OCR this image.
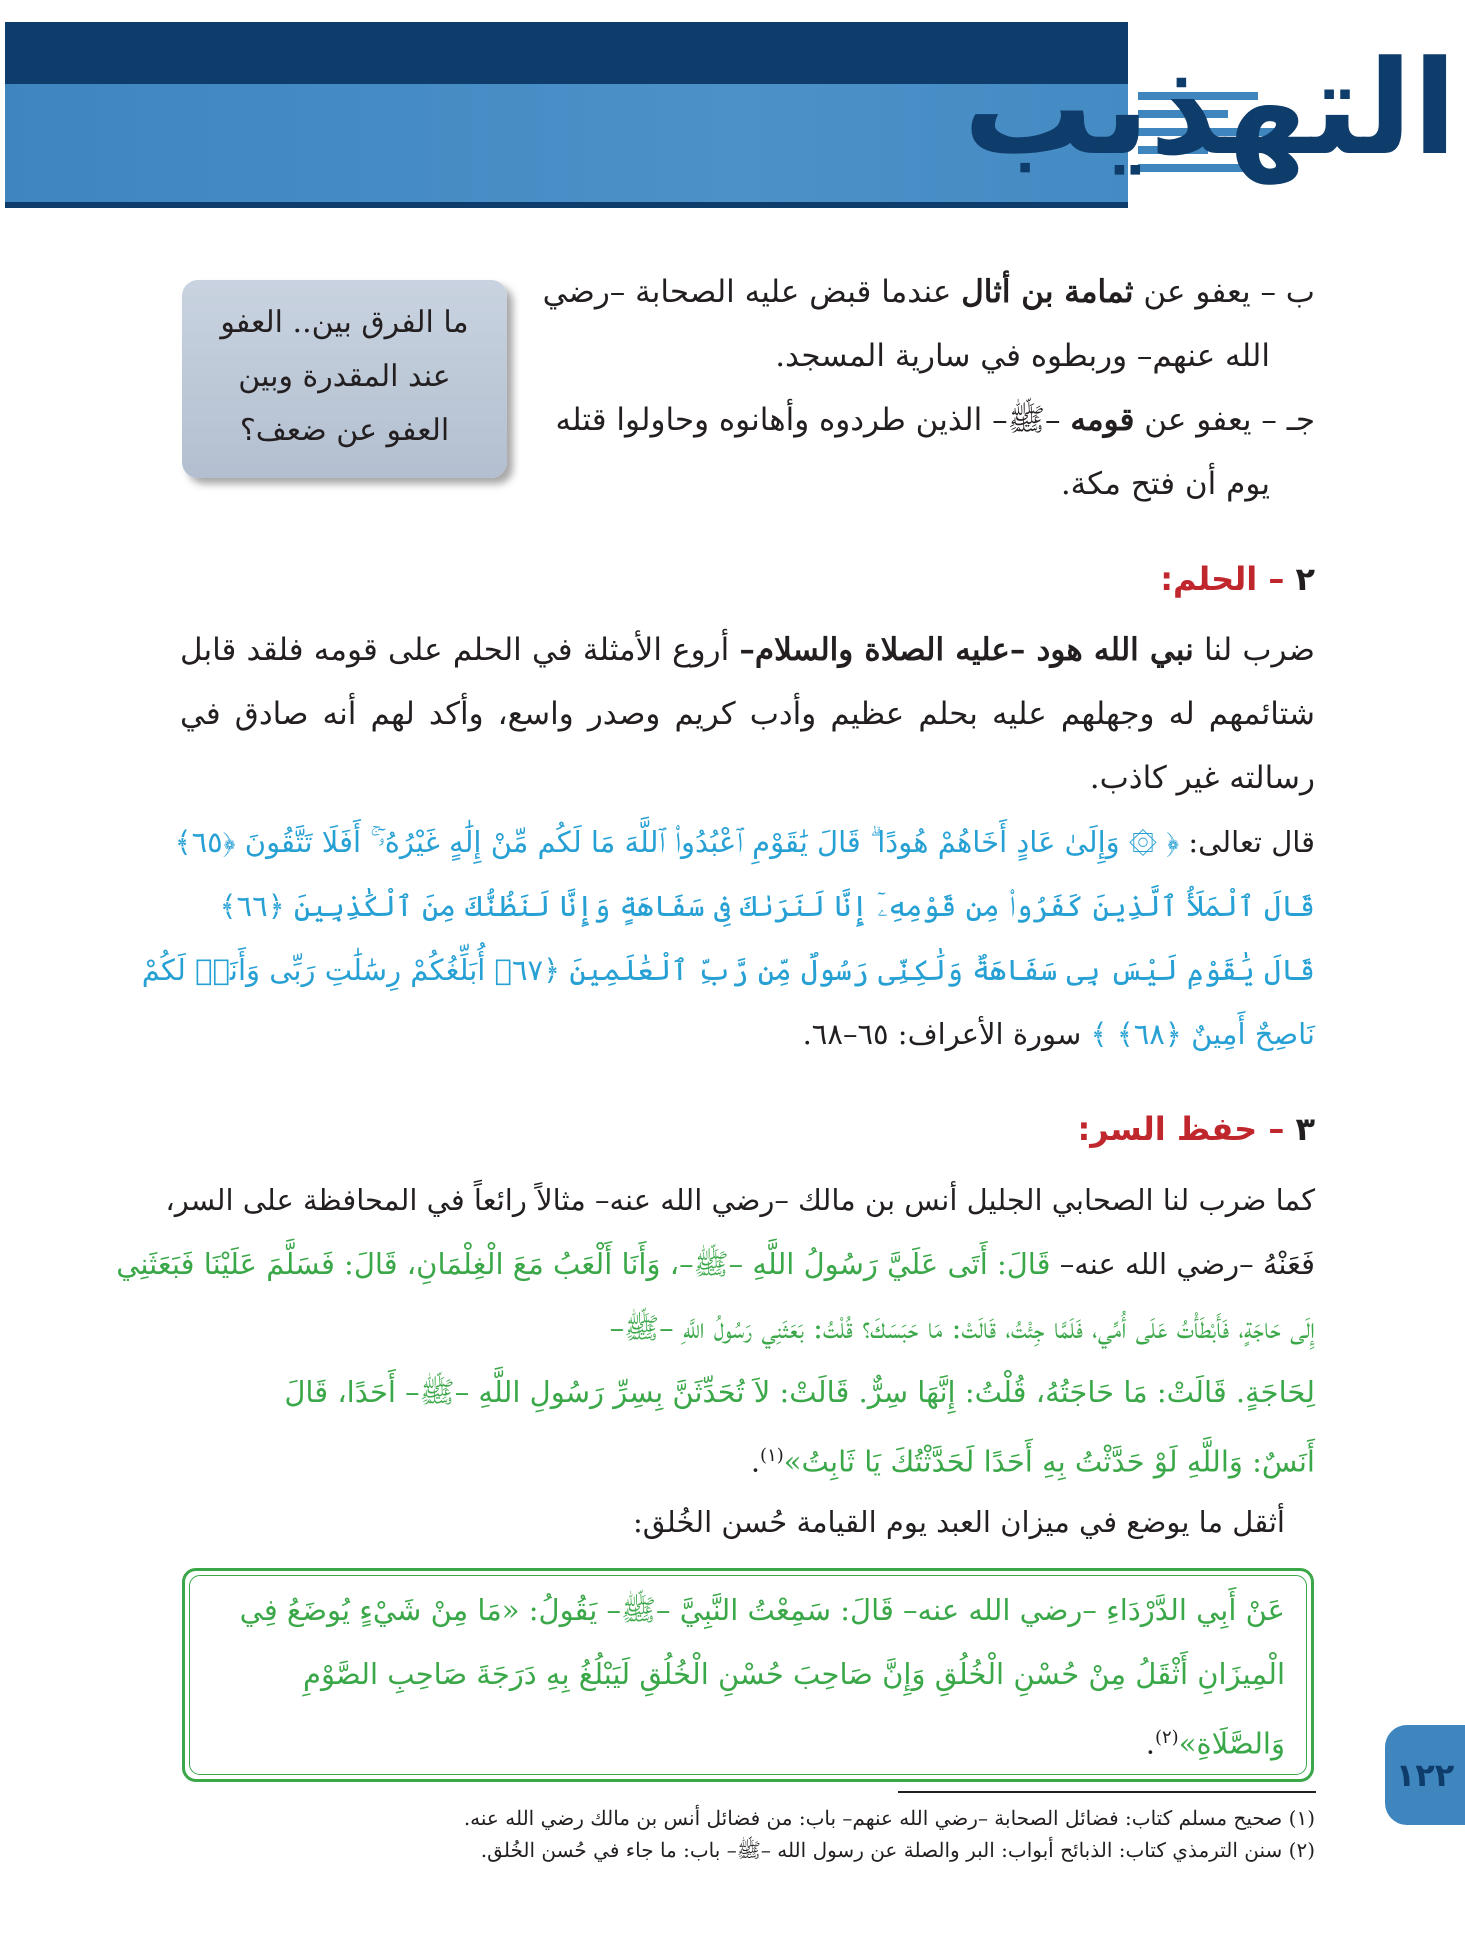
التهذيب
ما الفرق بين.. العفو
عند المقدرة وبين
العفو عن ضعف؟
ب – يعفو عن ثمامة بن أثال عندما قبض عليه الصحابة –رضي
الله عنهم– وربطوه في سارية المسجد.
جـ – يعفو عن قومه –ﷺ– الذين طردوه وأهانوه وحاولوا قتله
يوم أن فتح مكة.
٢ – الحلم:
ضرب لنا نبي الله هود –عليه الصلاة والسلام– أروع الأمثلة في الحلم على قومه فلقد قابل
شتائمهم له وجهلهم عليه بحلم عظيم وأدب كريم وصدر واسع، وأكد لهم أنه صادق في
رسالته غير كاذب.
قال تعالى: ﴿ ۞ وَإِلَىٰ عَادٍ أَخَاهُمْ هُودًا ۗ قَالَ يَٰقَوْمِ ٱعْبُدُوا۟ ٱللَّهَ مَا لَكُم مِّنْ إِلَٰهٍ غَيْرُهُۥٓ ۚ أَفَلَا تَتَّقُونَ ﴿٦٥﴾
قَالَ ٱلْمَلَأُ ٱلَّذِينَ كَفَرُوا۟ مِن قَوْمِهِۦٓ إِنَّا لَنَرَىٰكَ فِى سَفَاهَةٍ وَإِنَّا لَنَظُنُّكَ مِنَ ٱلْكَٰذِبِينَ ﴿٦٦﴾
قَالَ يَٰقَوْمِ لَيْسَ بِى سَفَاهَةٌ وَلَٰكِنِّى رَسُولٌ مِّن رَّبِّ ٱلْعَٰلَمِينَ ﴿٦٧﴾ أُبَلِّغُكُمْ رِسَٰلَٰتِ رَبِّى وَأَنَا۠ لَكُمْ
نَاصِحٌ أَمِينٌ ﴿٦٨﴾ ﴾ سورة الأعراف: ٦٥–٦٨.
٣ – حفظ السر:
كما ضرب لنا الصحابي الجليل أنس بن مالك –رضي الله عنه– مثالاً رائعاً في المحافظة على السر،
فَعَنْهُ –رضي الله عنه– قَالَ: أَتَى عَلَيَّ رَسُولُ اللَّهِ –ﷺ–، وَأَنَا أَلْعَبُ مَعَ الْغِلْمَانِ، قَالَ: فَسَلَّمَ عَلَيْنَا فَبَعَثَنِي
إِلَى حَاجَةٍ، فَأَبْطَأْتُ عَلَى أُمِّي، فَلَمَّا جِئْتُ، قَالَتْ: مَا حَبَسَكَ؟ قُلْتُ: بَعَثَنِي رَسُولُ اللَّهِ –ﷺ–
لِحَاجَةٍ. قَالَتْ: مَا حَاجَتُهُ، قُلْتُ: إِنَّهَا سِرٌّ. قَالَتْ: لاَ تُحَدِّثَنَّ بِسِرِّ رَسُولِ اللَّهِ –ﷺ– أَحَدًا، قَالَ
أَنَسٌ: وَاللَّهِ لَوْ حَدَّثْتُ بِهِ أَحَدًا لَحَدَّثْتُكَ يَا ثَابِتُ»$^{(١)}$.
أثقل ما يوضع في ميزان العبد يوم القيامة حُسن الخُلق:
عَنْ أَبِي الدَّرْدَاءِ –رضي الله عنه– قَالَ: سَمِعْتُ النَّبِيَّ –ﷺ– يَقُولُ: «مَا مِنْ شَيْءٍ يُوضَعُ فِي
الْمِيزَانِ أَثْقَلُ مِنْ حُسْنِ الْخُلُقِ وَإِنَّ صَاحِبَ حُسْنِ الْخُلُقِ لَيَبْلُغُ بِهِ دَرَجَةَ صَاحِبِ الصَّوْمِ
وَالصَّلَاةِ»$^{(٢)}$.
(١) صحيح مسلم كتاب: فضائل الصحابة –رضي الله عنهم– باب: من فضائل أنس بن مالك رضي الله عنه.
(٢) سنن الترمذي كتاب: الذبائح أبواب: البر والصلة عن رسول الله –ﷺ– باب: ما جاء في حُسن الخُلق.
١٢٢
